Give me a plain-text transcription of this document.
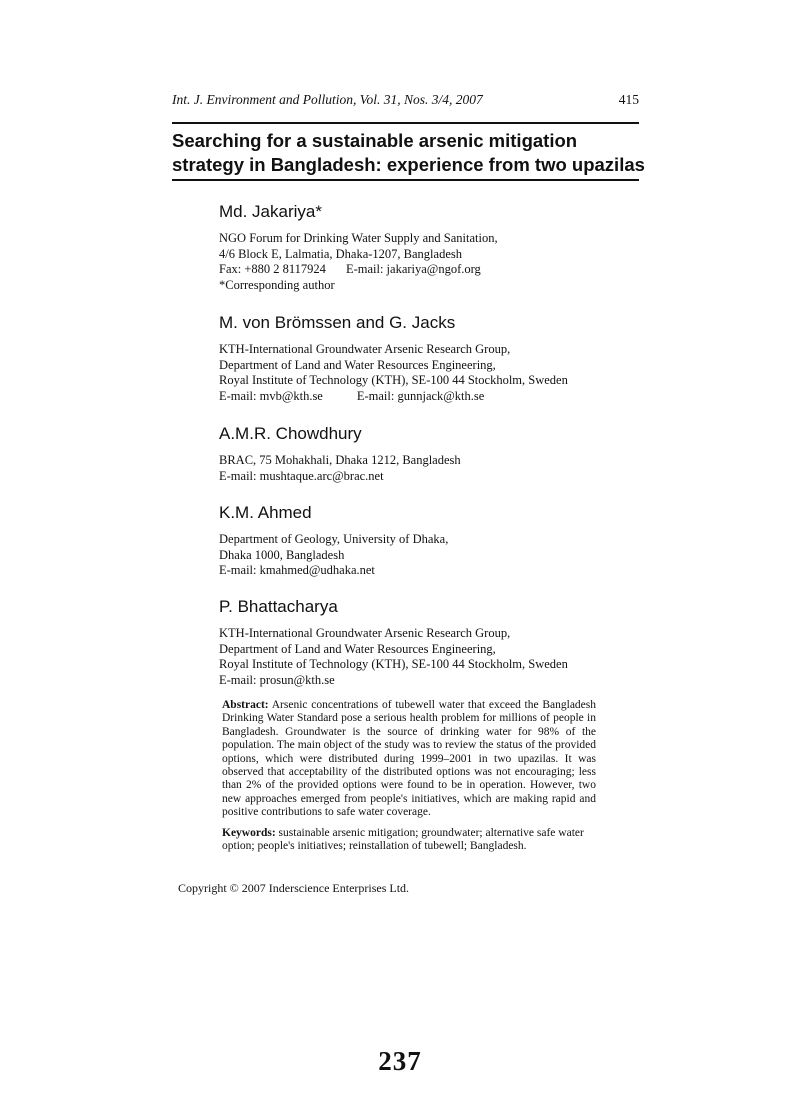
Int. J. Environment and Pollution, Vol. 31, Nos. 3/4, 2007	415
Searching for a sustainable arsenic mitigation
strategy in Bangladesh: experience from two upazilas
Md. Jakariya*
NGO Forum for Drinking Water Supply and Sanitation,
4/6 Block E, Lalmatia, Dhaka-1207, Bangladesh
Fax: +880 2 8117924 E-mail: jakariya@ngof.org
*Corresponding author
M. von Brömssen and G. Jacks
KTH-International Groundwater Arsenic Research Group,
Department of Land and Water Resources Engineering,
Royal Institute of Technology (KTH), SE-100 44 Stockholm, Sweden
E-mail: mvb@kth.se	E-mail: gunnjack@kth.se
A.M.R. Chowdhury
BRAC, 75 Mohakhali, Dhaka 1212, Bangladesh
E-mail: mushtaque.arc@brac.net
K.M. Ahmed
Department of Geology, University of Dhaka,
Dhaka 1000, Bangladesh
E-mail: kmahmed@udhaka.net
P. Bhattacharya
KTH-International Groundwater Arsenic Research Group,
Department of Land and Water Resources Engineering,
Royal Institute of Technology (KTH), SE-100 44 Stockholm, Sweden
E-mail: prosun@kth.se
Abstract: Arsenic concentrations of tubewell water that exceed the Bangladesh Drinking Water Standard pose a serious health problem for millions of people in Bangladesh. Groundwater is the source of drinking water for 98% of the population. The main object of the study was to review the status of the provided options, which were distributed during 1999–2001 in two upazilas. It was observed that acceptability of the distributed options was not encouraging; less than 2% of the provided options were found to be in operation. However, two new approaches emerged from people's initiatives, which are making rapid and positive contributions to safe water coverage.
Keywords: sustainable arsenic mitigation; groundwater; alternative safe water option; people's initiatives; reinstallation of tubewell; Bangladesh.
Copyright © 2007 Inderscience Enterprises Ltd.
237
